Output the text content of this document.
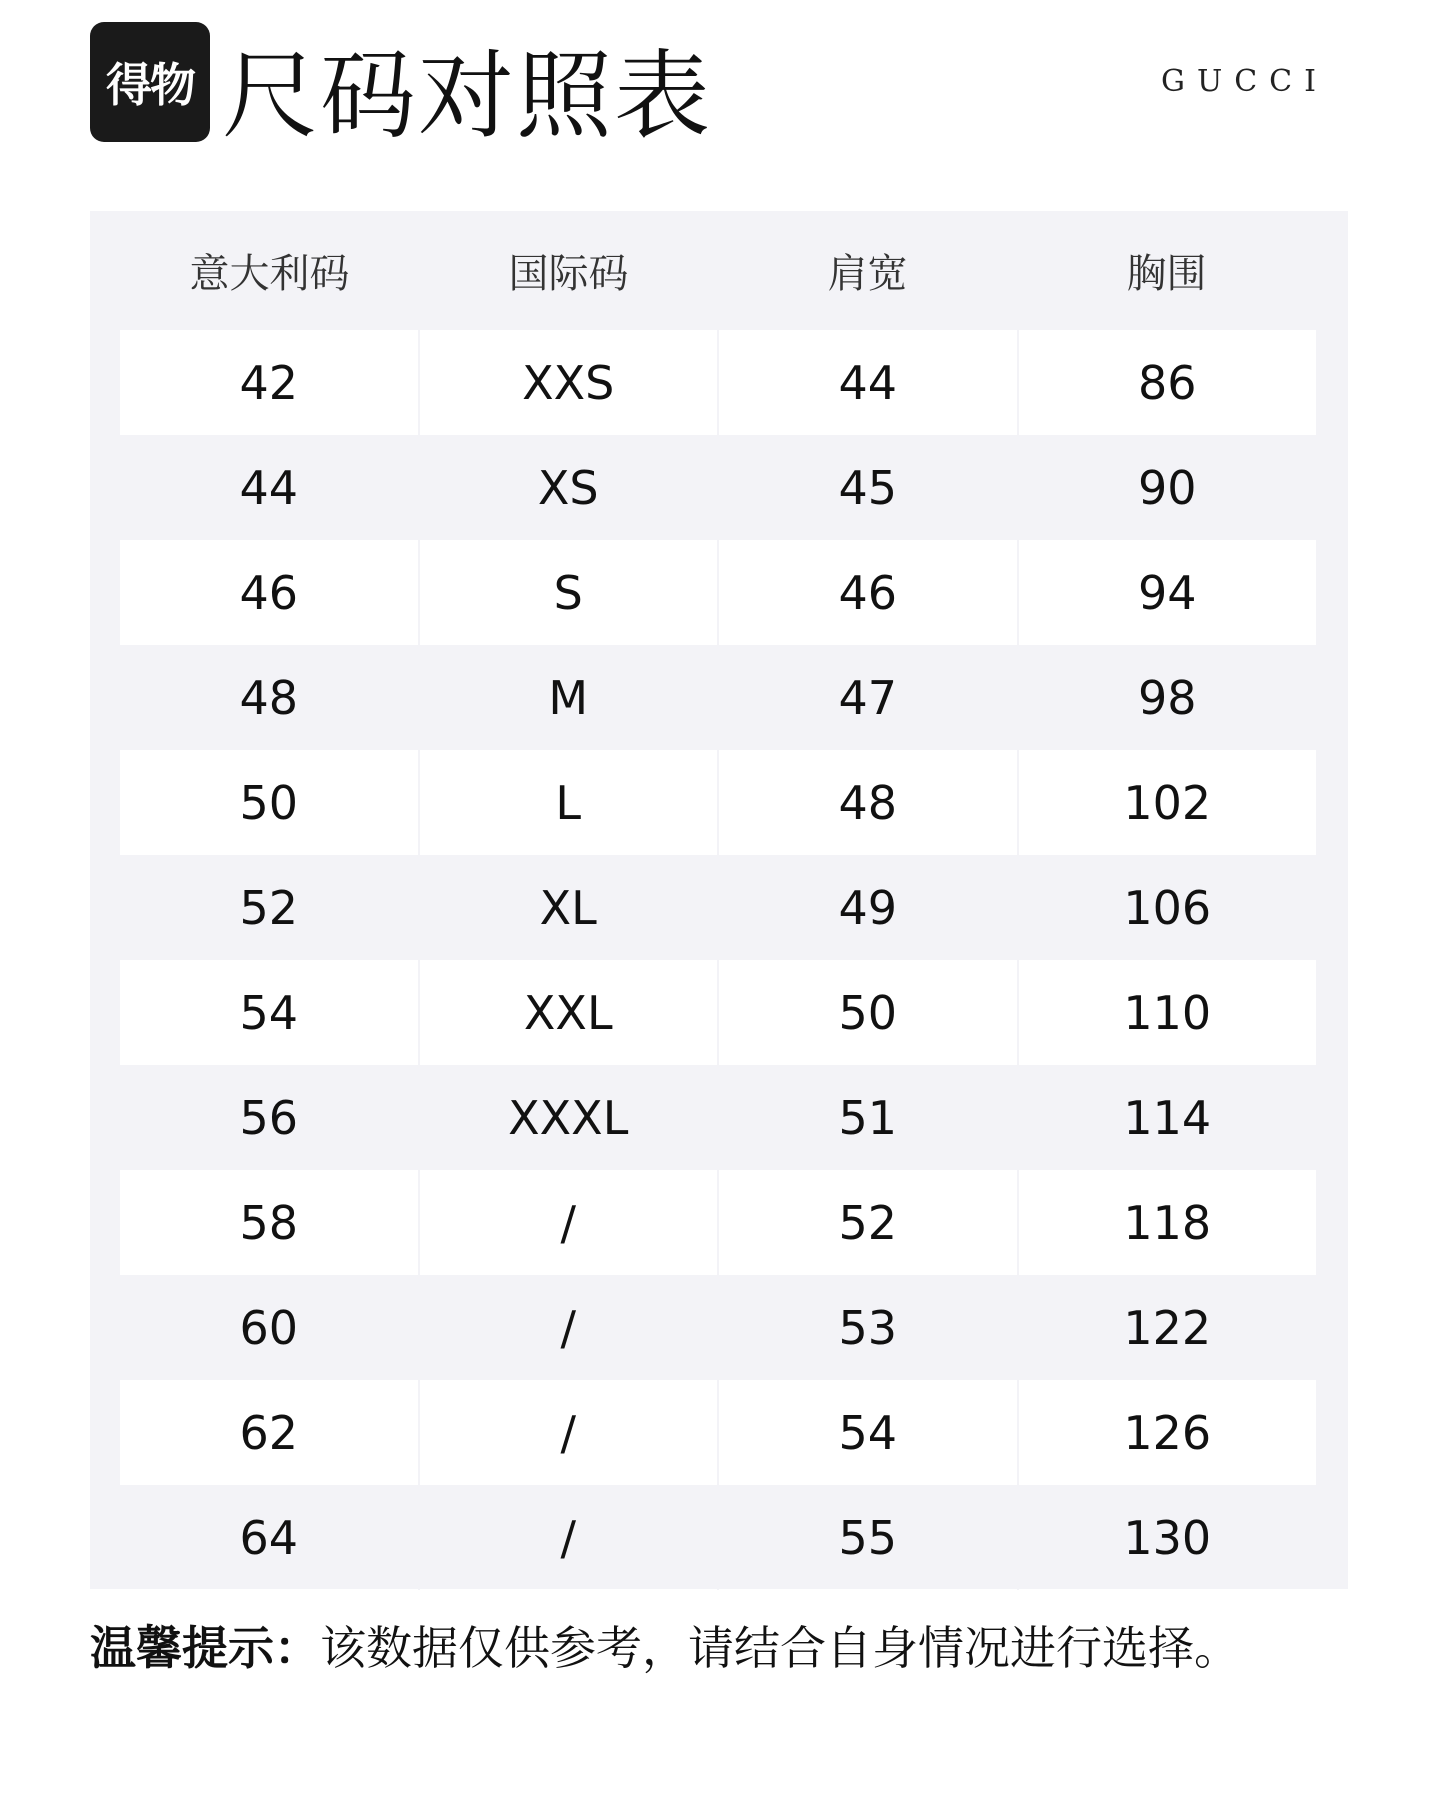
得物 尺码对照表	GUCCI
意大利码	国际码	肩宽	胸围
42	XXS	44	86
44	XS	45	90
46	S	46	94
48	M	47	98
50	L	48	102
52	XL	49	106
54	XXL	50	110
56	XXXL	51	114
58	/	52	118
60	/	53	122
62	/	54	126
64	/	55	130
温馨提示：该数据仅供参考，请结合自身情况进行选择。
